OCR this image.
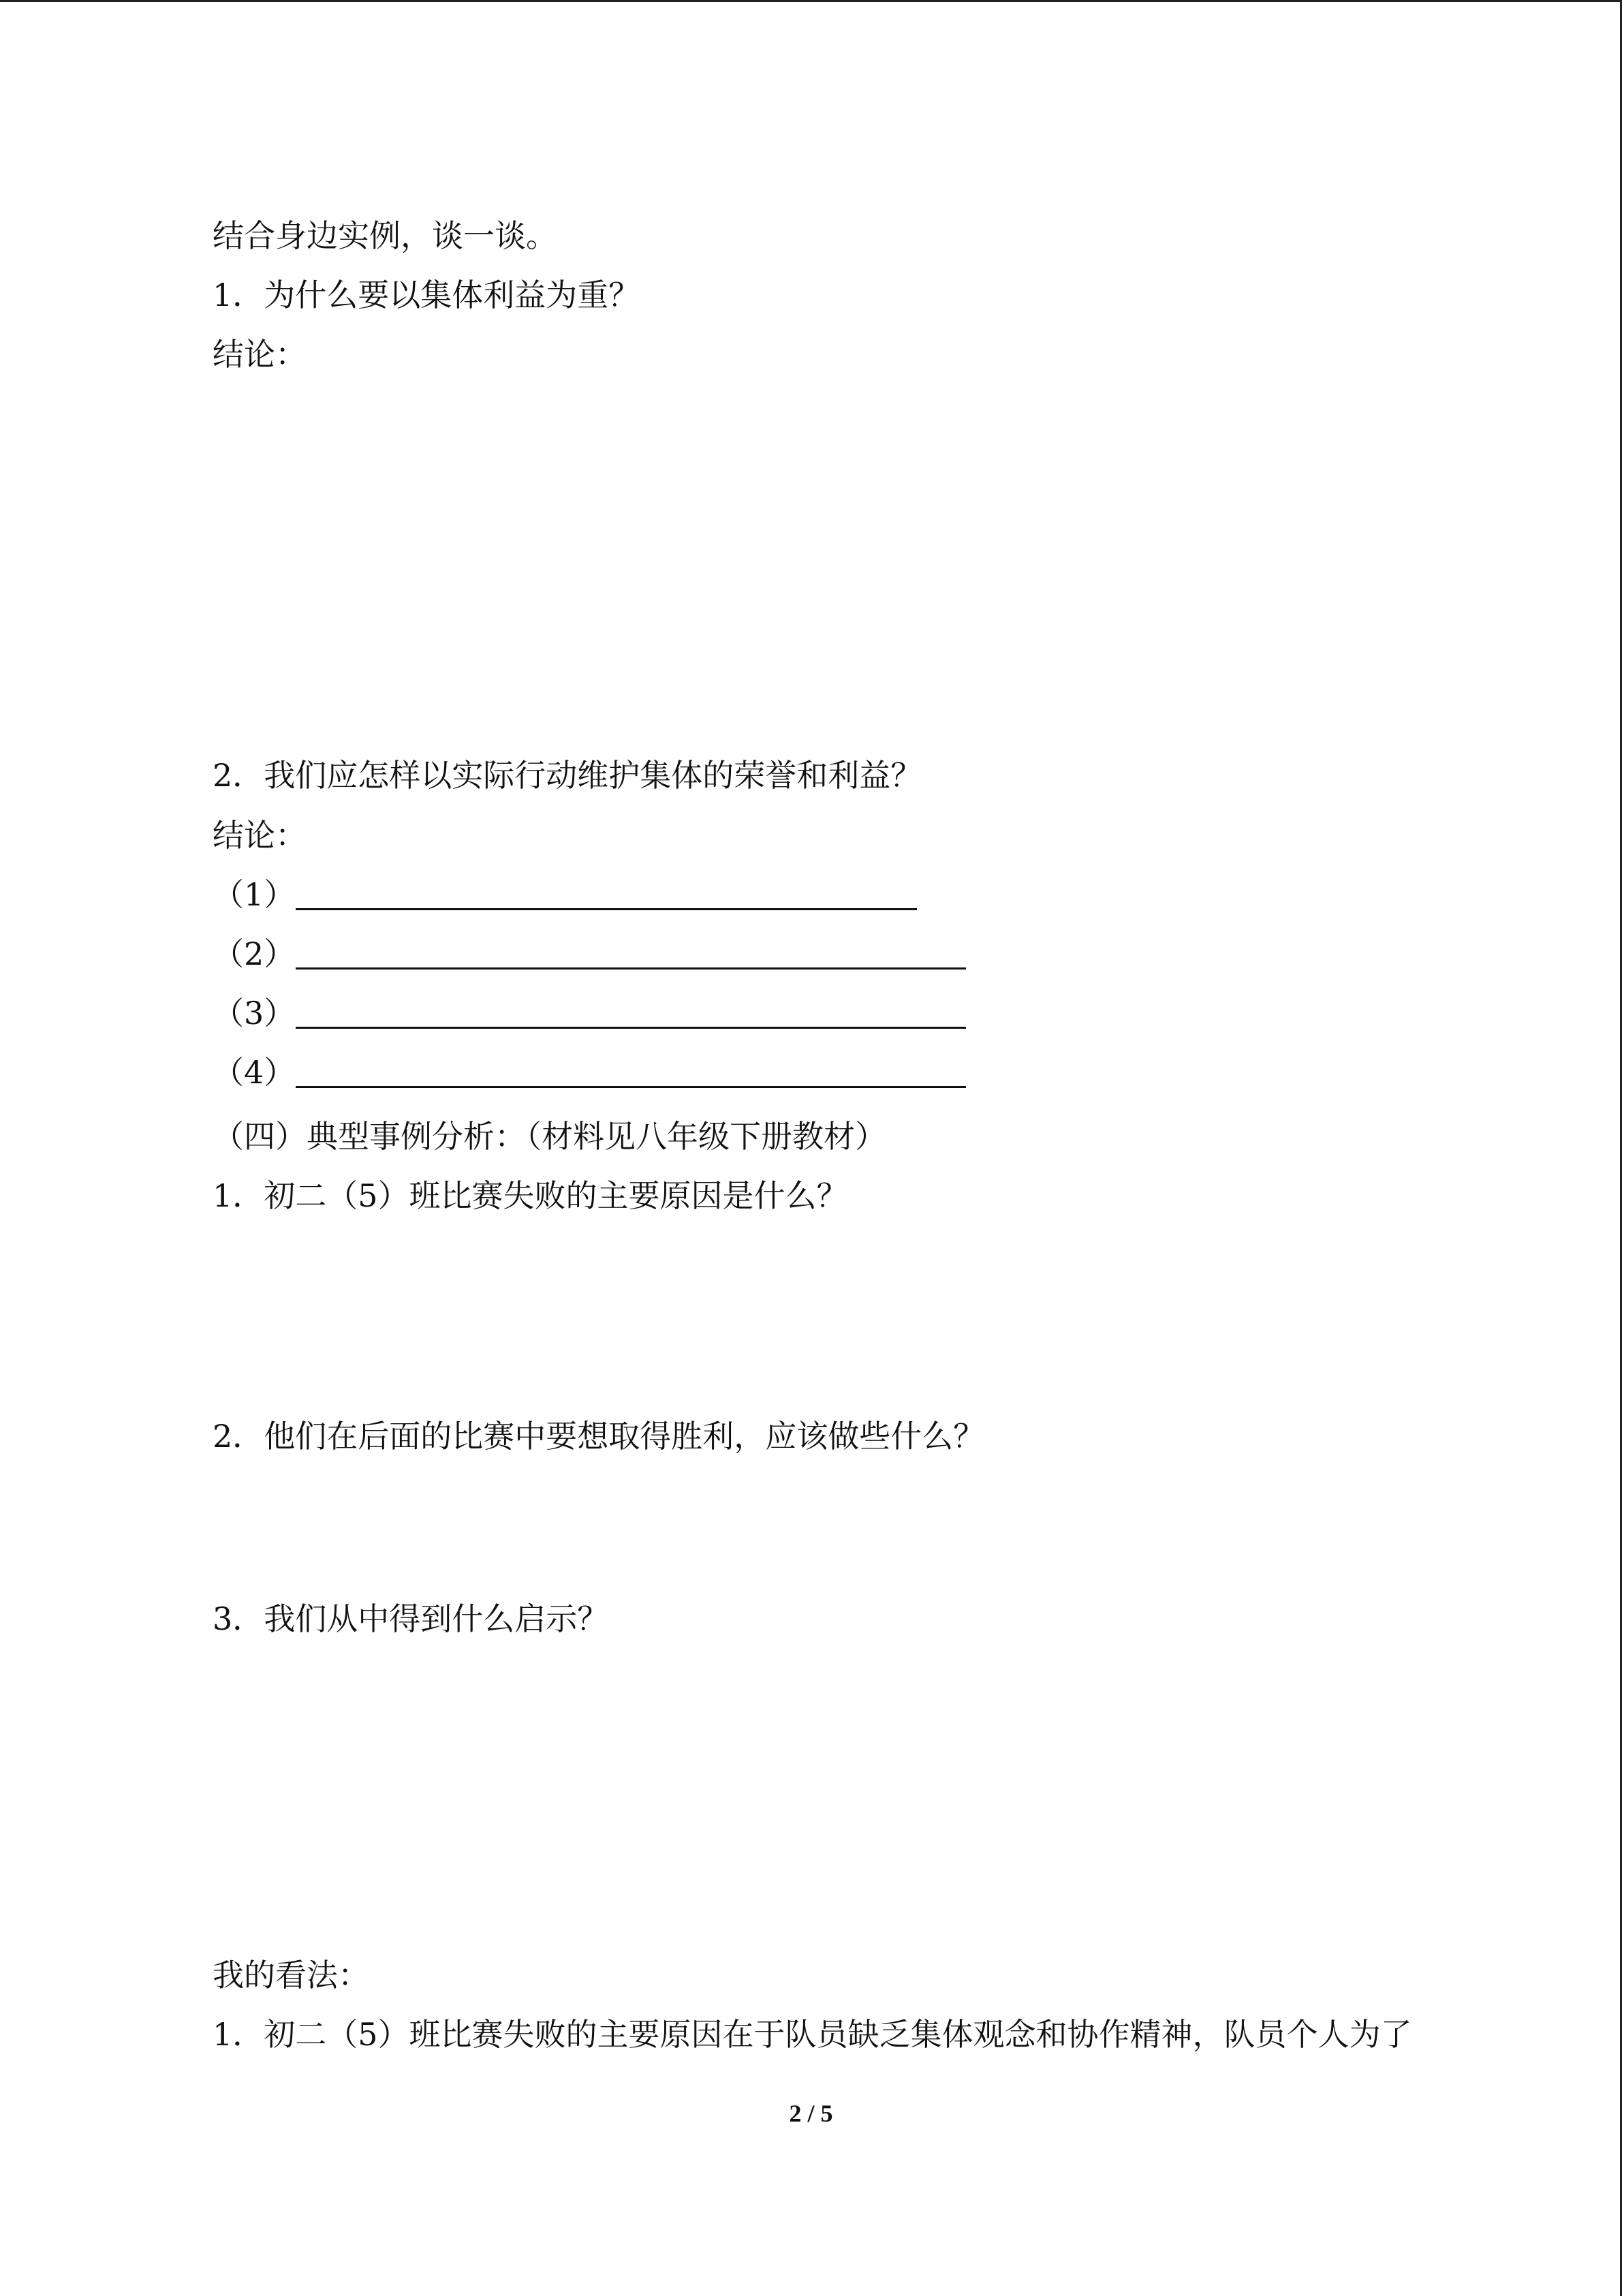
结合身边实例，谈一谈。
1．为什么要以集体利益为重？
结论：
2．我们应怎样以实际行动维护集体的荣誉和利益？
结论：
（1）
（2）
（3）
（4）
（四）典型事例分析：（材料见八年级下册教材）
1．初二（5）班比赛失败的主要原因是什么？
2．他们在后面的比赛中要想取得胜利，应该做些什么？
3．我们从中得到什么启示？
我的看法：
1．初二（5）班比赛失败的主要原因在于队员缺乏集体观念和协作精神，队员个人为了
2 / 5
